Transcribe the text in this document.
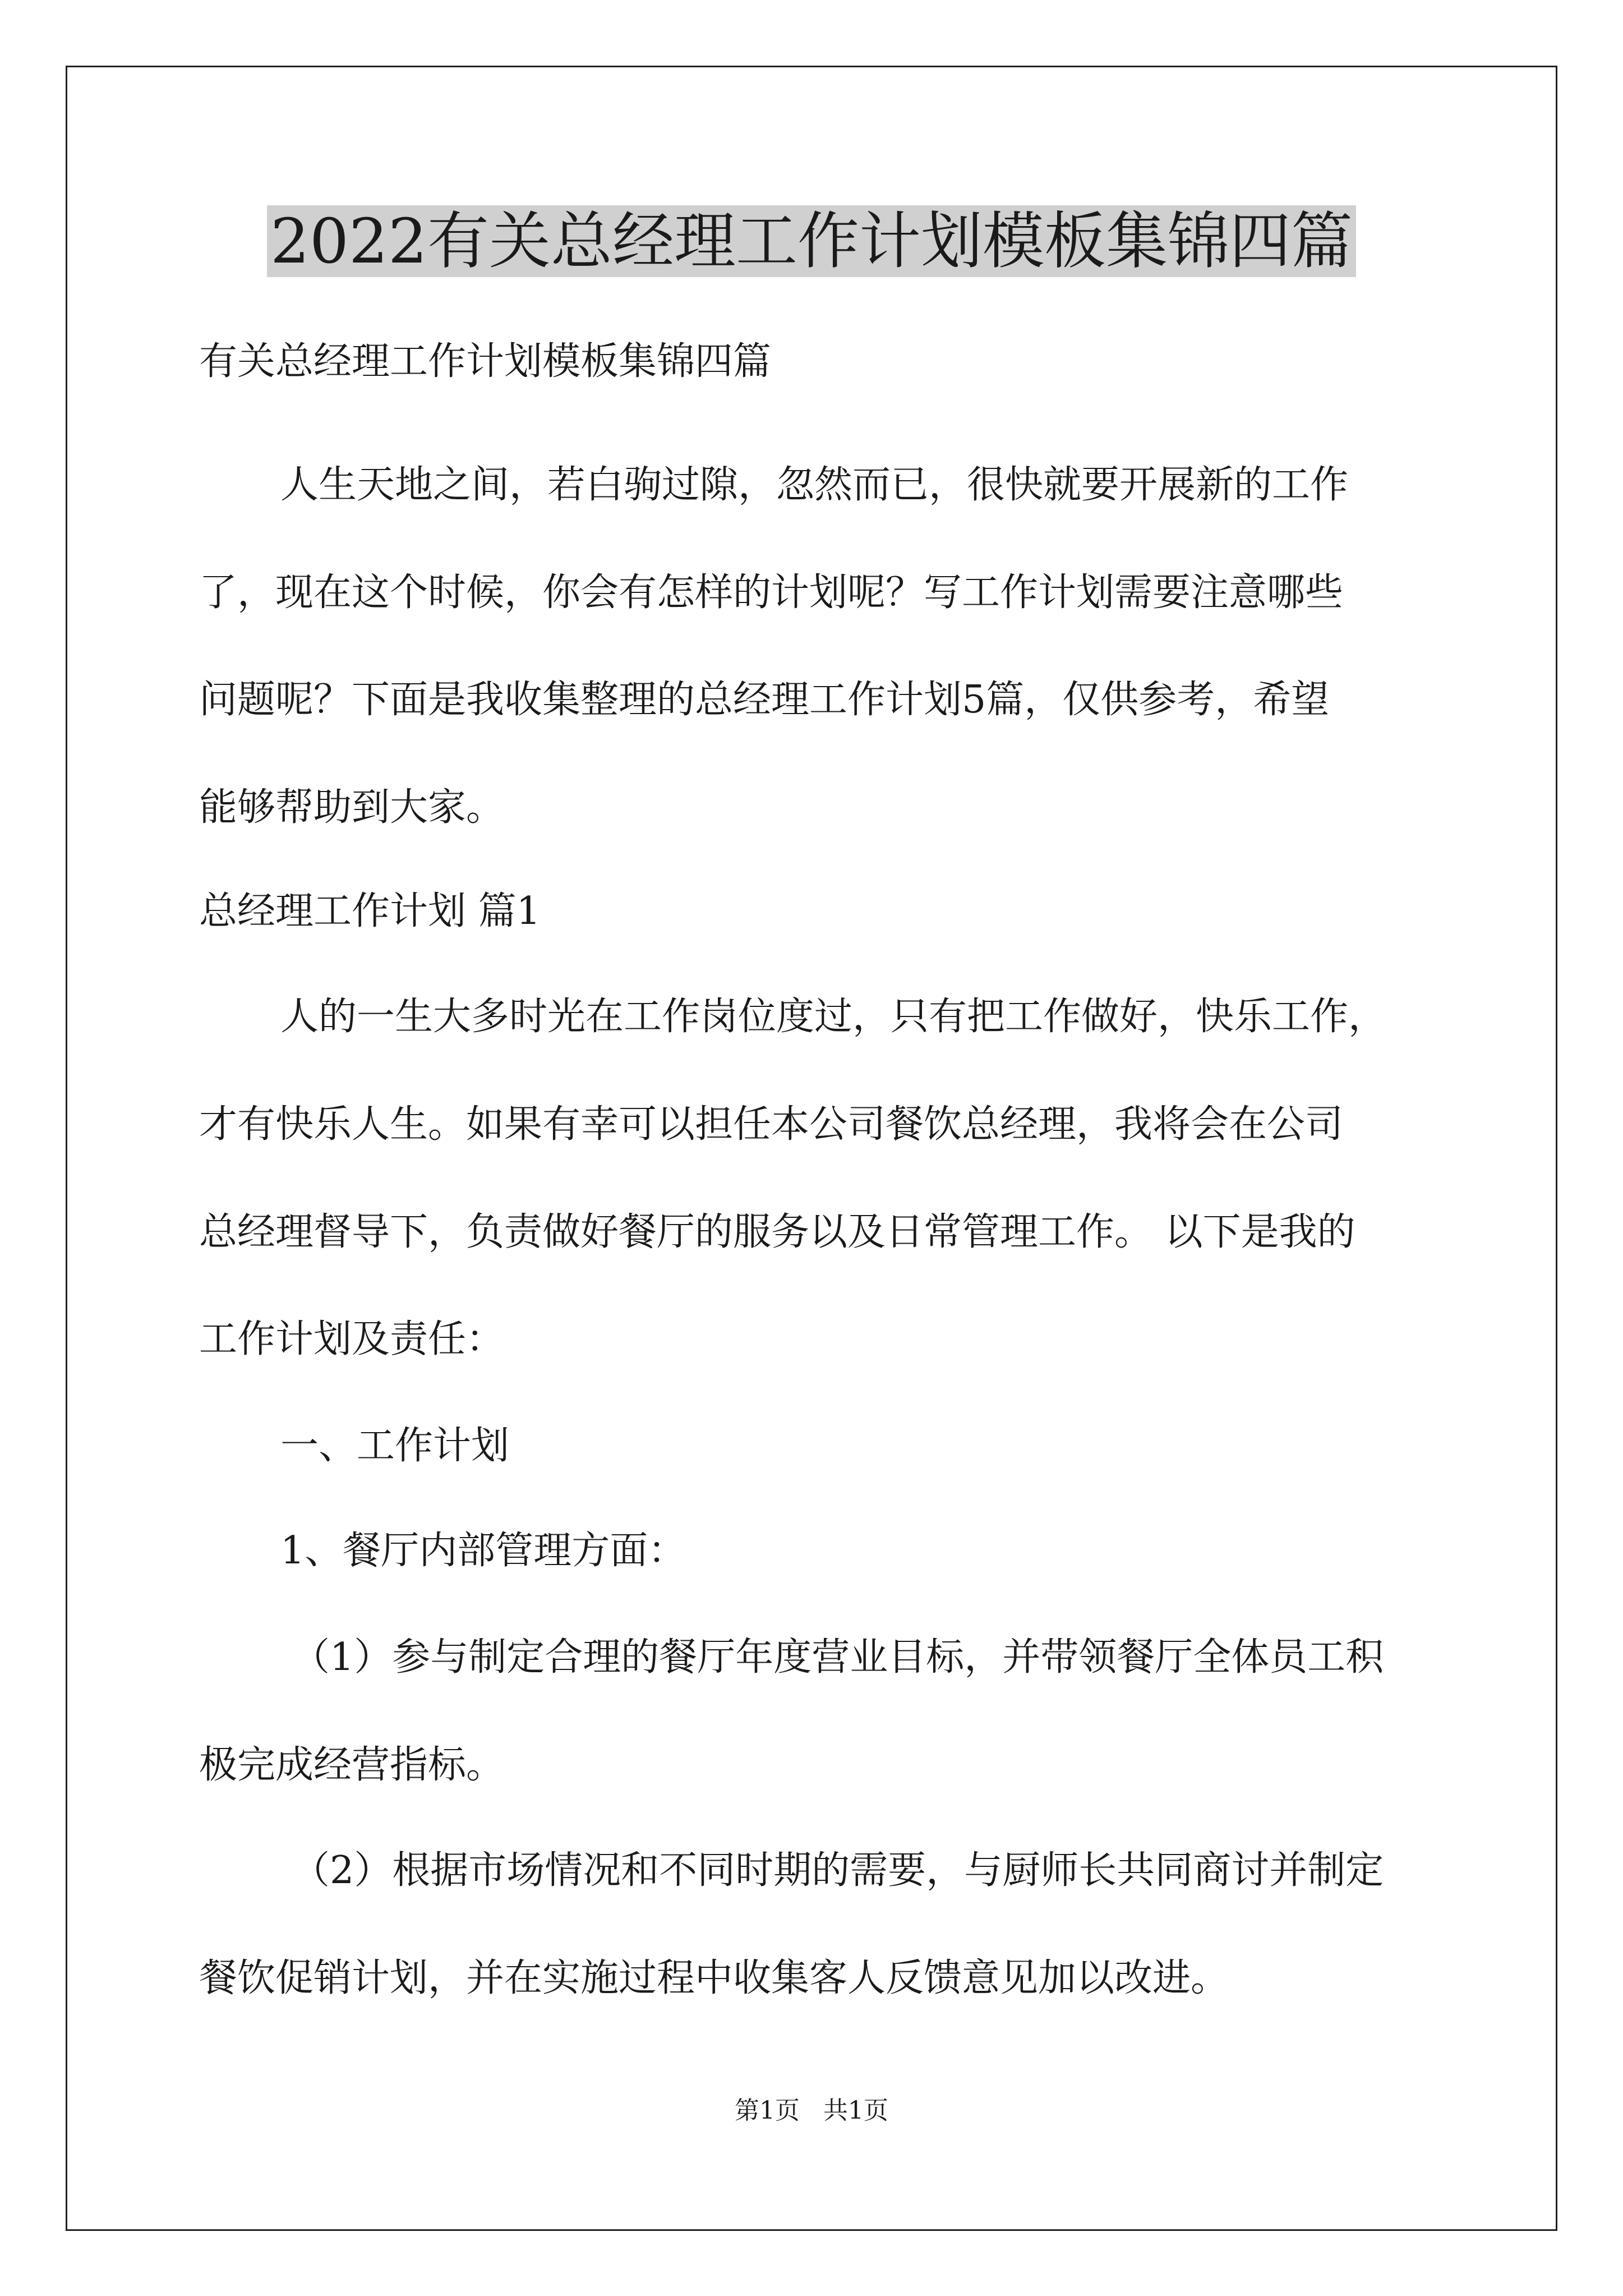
2022有关总经理工作计划模板集锦四篇
有关总经理工作计划模板集锦四篇
人生天地之间，若白驹过隙，忽然而已，很快就要开展新的工作
了，现在这个时候，你会有怎样的计划呢？写工作计划需要注意哪些
问题呢？下面是我收集整理的总经理工作计划5篇，仅供参考，希望
能够帮助到大家。
总经理工作计划 篇1
人的一生大多时光在工作岗位度过，只有把工作做好，快乐工作，
才有快乐人生。如果有幸可以担任本公司餐饮总经理，我将会在公司
总经理督导下，负责做好餐厅的服务以及日常管理工作。 以下是我的
工作计划及责任：
一、工作计划
1、餐厅内部管理方面：
（1）参与制定合理的餐厅年度营业目标，并带领餐厅全体员工积
极完成经营指标。
（2）根据市场情况和不同时期的需要，与厨师长共同商讨并制定
餐饮促销计划，并在实施过程中收集客人反馈意见加以改进。
第1页   共1页
